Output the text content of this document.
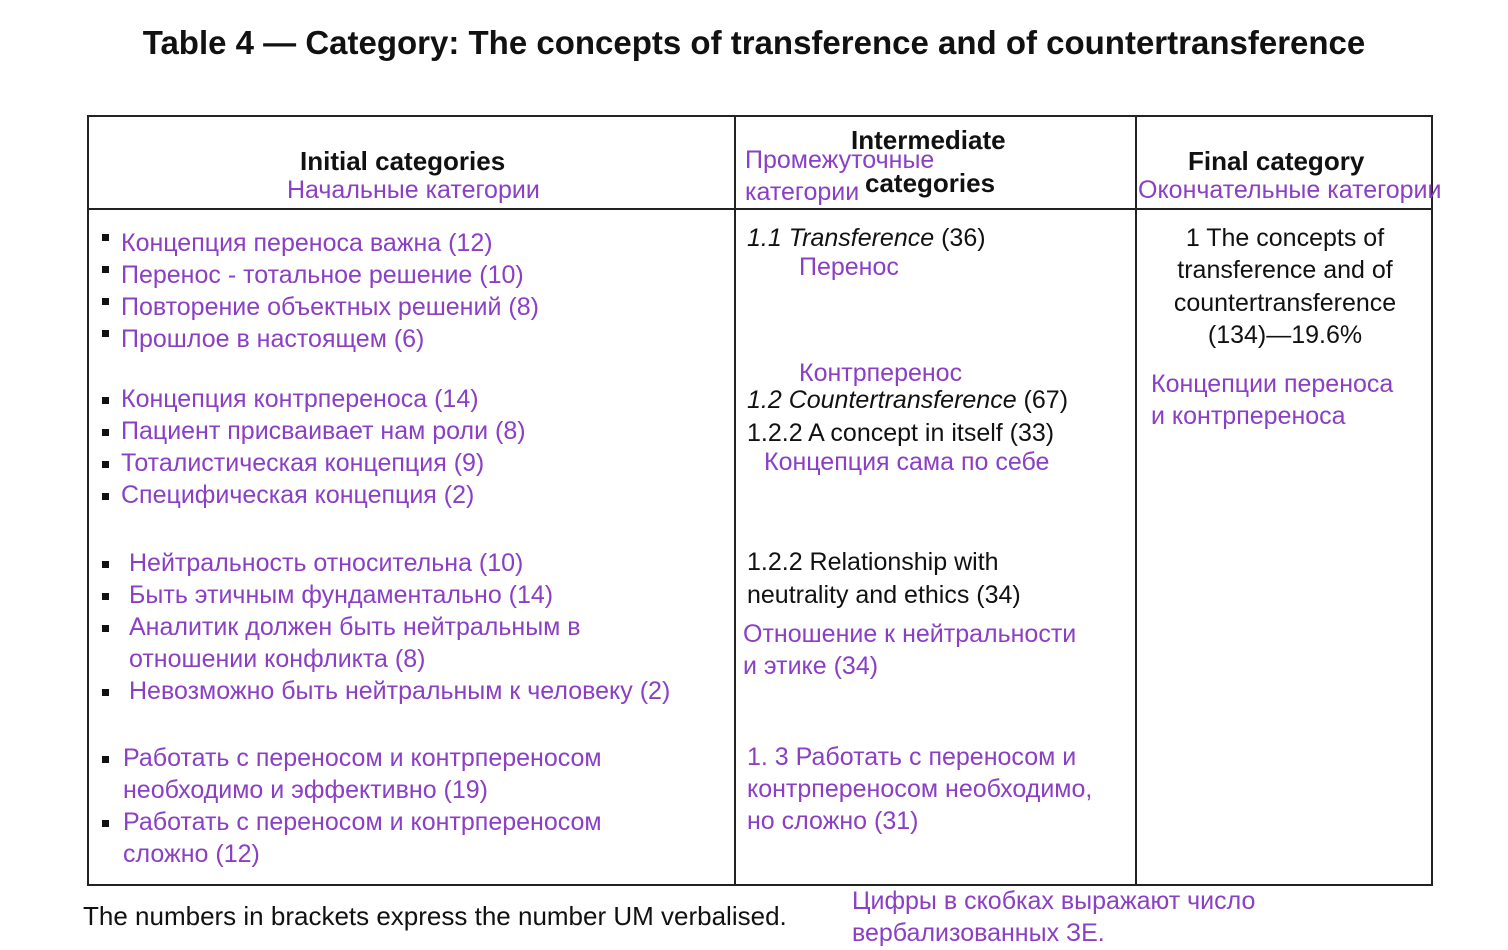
Table 4 — Category: The concepts of transference and of countertransference
Initial categories
Начальные категории
Intermediate
categories
Промежуточные
категории
Final category
Окончательные категории
Концепция переноса важна (12)
Перенос - тотальное решение (10)
Повторение объектных решений (8)
Прошлое в настоящем (6)
Концепция контрпереноса (14)
Пациент присваивает нам роли (8)
Тоталистическая концепция (9)
Специфическая концепция (2)
Нейтральность относительна (10)
Быть этичным фундаментально (14)
Аналитик должен быть нейтральным в
отношении конфликта (8)
Невозможно быть нейтральным к человеку (2)
Работать с переносом и контрпереносом
необходимо и эффективно (19)
Работать с переносом и контрпереносом
сложно (12)
1.1 Transference (36)
Перенос
Контрперенос
1.2 Countertransference (67)
1.2.2 A concept in itself (33)
Концепция сама по себе
1.2.2 Relationship with
neutrality and ethics (34)
Отношение к нейтральности
и этике (34)
1. 3 Работать с переносом и
контрпереносом необходимо,
но сложно (31)
1 The concepts of
transference and of
countertransference
(134)—19.6%
Концепции переноса
и контрпереноса
The numbers in brackets express the number UM verbalised.	Цифры в скобках выражают число
вербализованных ЗЕ.
